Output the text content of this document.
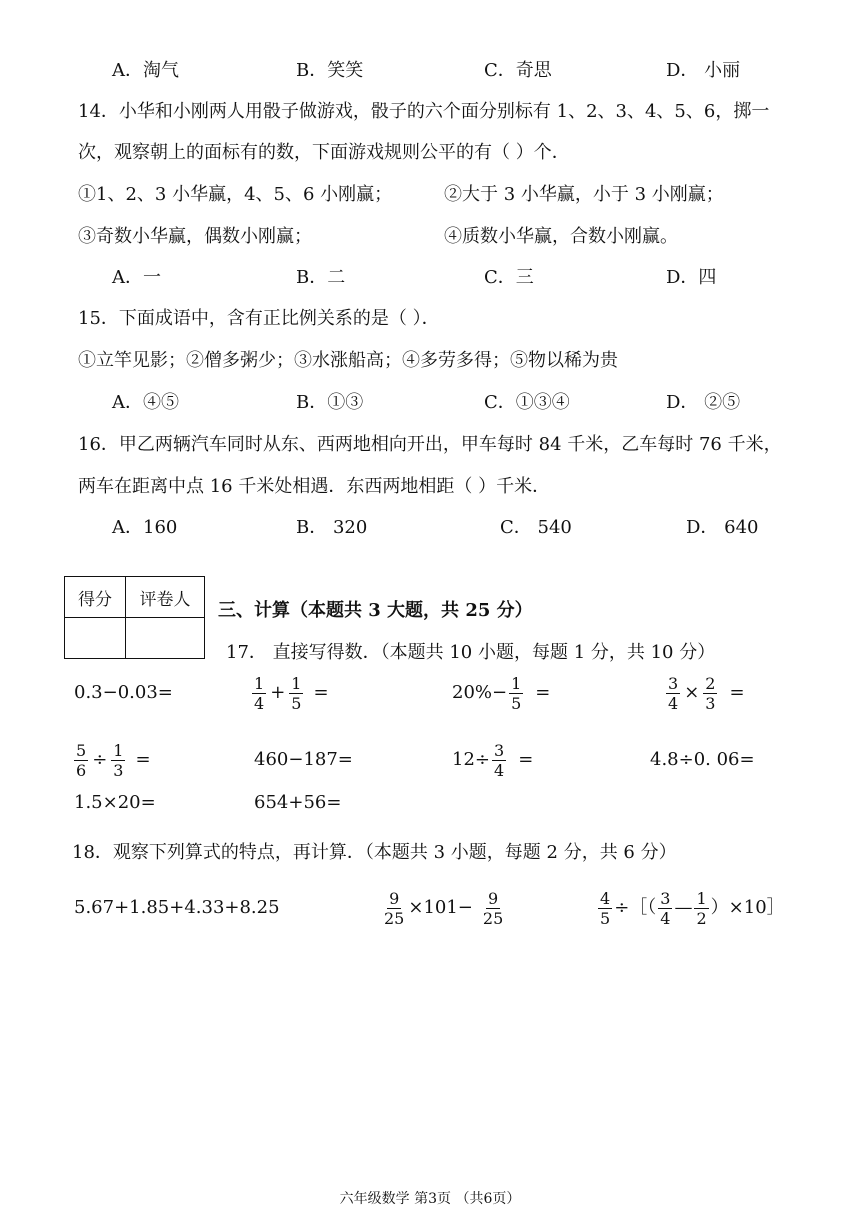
A．淘气	B．笑笑	C．奇思	D． 小丽
14．小华和小刚两人用骰子做游戏，骰子的六个面分别标有 1、2、3、4、5、6，掷一
次，观察朝上的面标有的数，下面游戏规则公平的有（ ）个．
①1、2、3 小华赢，4、5、6 小刚赢；	②大于 3 小华赢，小于 3 小刚赢；
③奇数小华赢，偶数小刚赢；	④质数小华赢，合数小刚赢。
A．一	B．二	C．三	D．四
15．下面成语中，含有正比例关系的是（ ）．
①立竿见影；②僧多粥少；③水涨船高；④多劳多得；⑤物以稀为贵
A．④⑤	B．①③	C．①③④	D． ②⑤
16．甲乙两辆汽车同时从东、西两地相向开出，甲车每时 84 千米，乙车每时 76 千米，
两车在距离中点 16 千米处相遇．东西两地相距（ ）千米．
A．160	B． 320	C． 540	D． 640
得分	评卷人

三、计算（本题共 3 大题，共 25 分）
17． 直接写得数．（本题共 10 小题，每题 1 分，共 10 分）
0.3−0.03=	$\frac{1}{4} + \frac{1}{5}$ =	$20\%- \frac{1}{5}$ =	$\frac{3}{4} \times \frac{2}{3}$ =
$\frac{5}{6} \div \frac{1}{3}$ =	460−187=	$12\div \frac{3}{4}$ =	4.8÷0. 06=
1.5×20=	654+56=
18．观察下列算式的特点，再计算．（本题共 3 小题，每题 2 分，共 6 分）
5.67+1.85+4.33+8.25	$\frac{9}{25} \times 101- \frac{9}{25}$	$\frac{4}{5}$ ÷［（ $\frac{3}{4}$ — $\frac{1}{2}$ ）×10］
六年级数学 第3页 （共6页）
